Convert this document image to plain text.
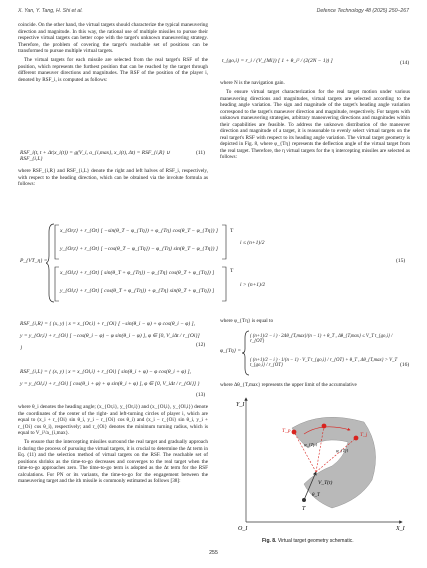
X. Yan, Y. Tang, H. Shi et al.	Defence Technology 48 (2025) 250–267

coincide. On the other hand, the virtual targets should characterize the typical maneuvering direction and magnitude. In this way, the rational use of multiple missiles to pursue their respective virtual targets can better cope with the target's unknown maneuvering strategy. Therefore, the problem of covering the target's reachable set of positions can be transformed to pursue multiple virtual targets.

The virtual targets for each missile are selected from the real target's RSF of the position, which represents the furthest position that can be reached by the target through different maneuver directions and magnitudes. The RSF of the position of the player i, denoted by RSF_i, is computed as follows:

RSF_i(t, t + Δt|x_i(t)) = g(V_i, a_{i,max}, x_i(t), Δt) = RSF_{i,R} ∪ RSF_{i,L}
(11)

where RSF_{i,R} and RSF_{i,L} denote the right and left halves of RSF_i, respectively, with respect to the heading direction, which can be obtained via the involute formula as follows:

P_{VT_η} =
x_{Or,t} + r_{Ot} [ −sin(θ_T − φ_{Tη}) + φ_{Tη} cos(θ_T − φ_{Tη}) ]
y_{Or,t} + r_{Ot} [ −cos(θ_T − φ_{Tη}) − φ_{Tη} sin(θ_T − φ_{Tη}) ]
x_{Ol,t} + r_{Ot} [ sin(θ_T + φ_{Tη}) − φ_{Tη} cos(θ_T + φ_{Tη}) ]
y_{Ol,t} + r_{Ot} [ cos(θ_T + φ_{Tη}) + φ_{Tη} sin(θ_T + φ_{Tη}) ]
T
T
i ≤ (n+1)/2
i > (n+1)/2
(15)
RSF_{i,R} = { (x, y) | x = x_{Or,i} + r_{Oi} [ −sin(θ_i − φ) + φ cos(θ_i − φ) ],
y = y_{Or,i} + r_{Oi} [ −cos(θ_i − φ) − φ sin(θ_i − φ) ], φ ∈ [0, V_iΔt / r_{Oi}] }	(12)
RSF_{i,L} = { (x, y) | x = x_{Ol,i} + r_{Oi} [ sin(θ_i + φ) − φ cos(θ_i + φ) ],
y = y_{Ol,i} + r_{Oi} [ cos(θ_i + φ) + φ sin(θ_i + φ) ], φ ∈ [0, V_iΔt / r_{Oi}] }
(13)

where θ_i denotes the heading angle; (x_{Or,i}, y_{Or,i}) and (x_{Ol,i}, y_{Ol,i}) denote the coordinates of the center of the right- and left-turning circles of player i, which are equal to (x_i + r_{Oi} sin θ_i, y_i − r_{Oi} cos θ_i) and (x_i − r_{Oi} sin θ_i, y_i + r_{Oi} cos θ_i), respectively; and r_{Oi} denotes the minimum turning radius, which is equal to V_i²/a_{i,max}.

To ensure that the intercepting missiles surround the real target and gradually approach it during the process of pursuing the virtual targets, it is crucial to determine the Δt term in Eq. (11) and the selection method of virtual targets on the RSF. The reachable set of positions shrinks as the time-to-go decreases and converges to the real target when the time-to-go approaches zero. The time-to-go term is adopted as the Δt term for the RSF calculations. For PN or its variants, the time-to-go for the engagement between the maneuvering target and the ith missile is commonly estimated as follows [38]:

t_{go,i} = r_i / (V_{Mi}) [ 1 + θ_i² / (2(2N − 1)) ]	(14)

where N is the navigation gain.

To ensure virtual target characterization for the real target motion under various maneuvering directions and magnitudes, virtual targets are selected according to the heading angle variation. The sign and magnitude of the target's heading angle variation correspond to the target's maneuver direction and magnitude, respectively. For targets with unknown maneuvering strategies, arbitrary maneuvering directions and magnitudes within their capabilities are feasible. To address the unknown distribution of the maneuver direction and magnitude of a target, it is reasonable to evenly select virtual targets on the real target's RSF with respect to its heading angle variation. The virtual target geometry is depicted in Fig. 8, where φ_{Tη} represents the deflection angle of the virtual target from the real target. Therefore, the η virtual targets for the η intercepting missiles are selected as follows:

where φ_{Tη} is equal to

φ_{Tη} =
( (n+1)/2 − i ) · 2Δθ_{T,max}/(n − 1) + θ_T , Δθ_{T,max} ≤ V_T t_{go,i} / r_{OT}
( (n+1)/2 − i ) · 1/(n − 1) · V_T t_{go,i} / r_{OT} + θ_T , Δθ_{T,max} > V_T t_{go,i} / r_{OT}	(16)

where Δθ_{T,max} represents the upper limit of the accumulative

Y_I
X_I
O_I
T
V_T(t)
θ_T
T_p
T_j
φ_{Tp}
φ_{Tj}
Fig. 8. Virtual target geometry schematic.
255
